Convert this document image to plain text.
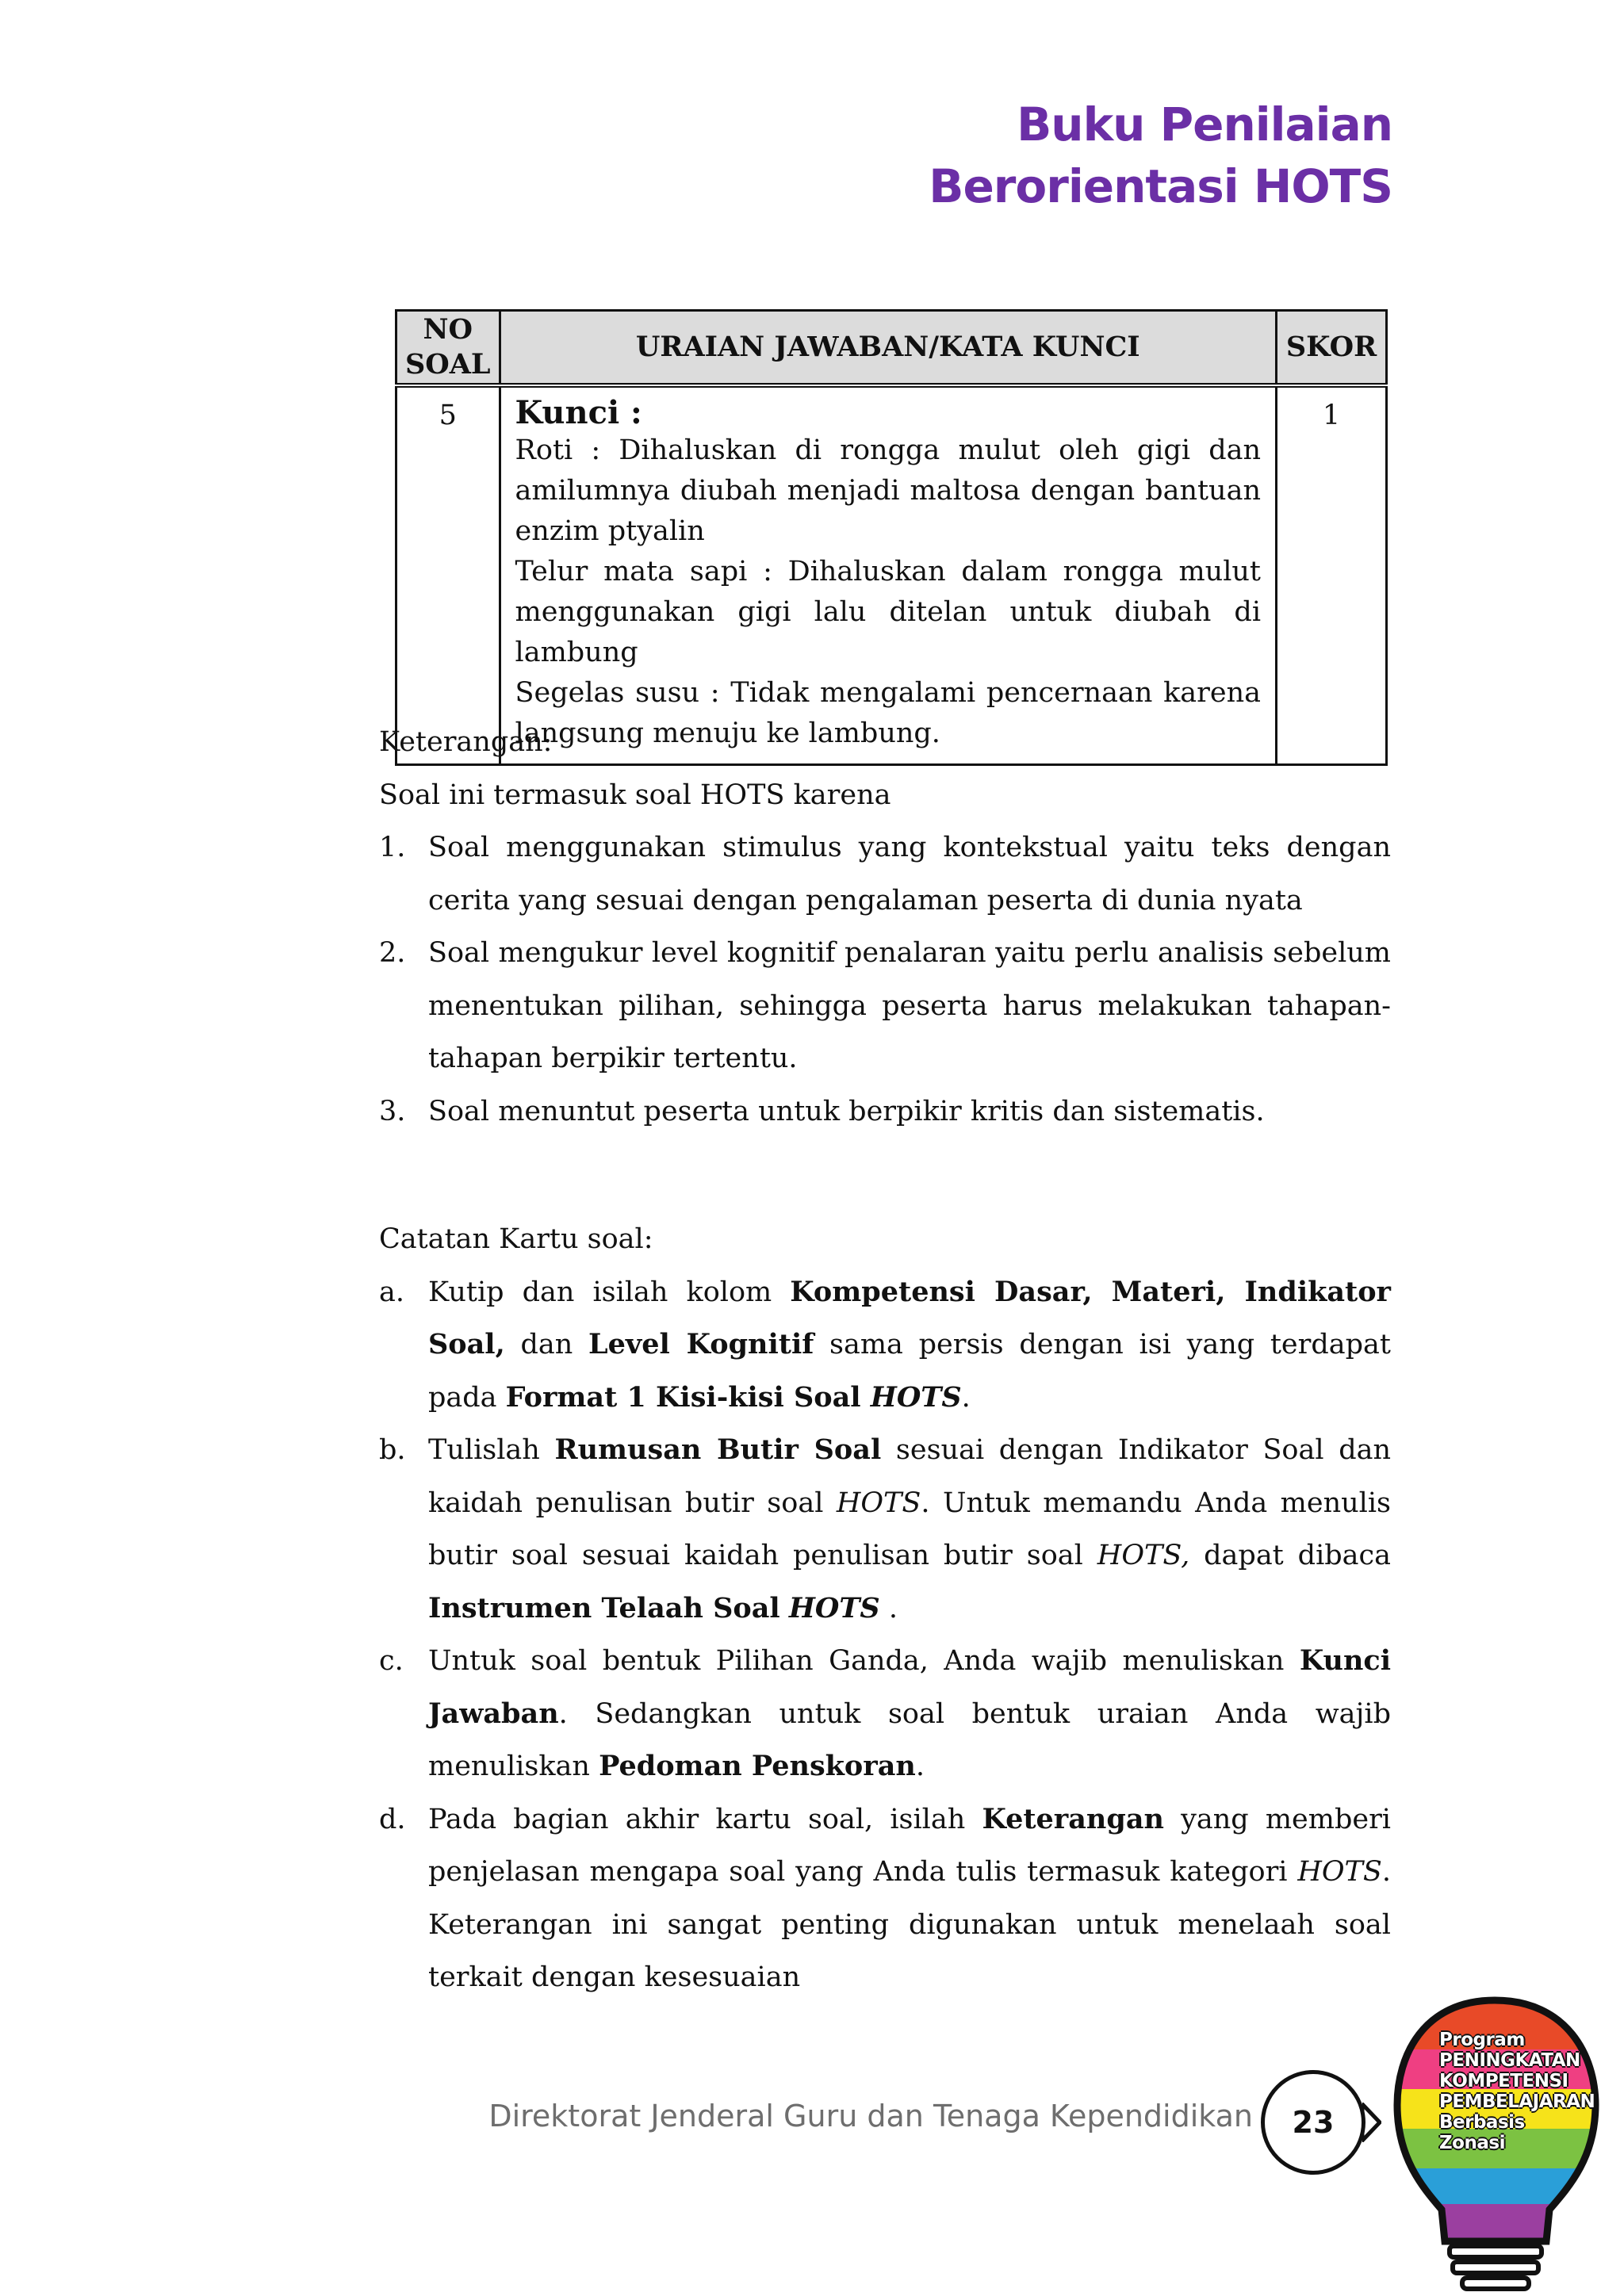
Buku Penilaian
Berorientasi HOTS
NO
SOAL	URAIAN JAWABAN/KATA KUNCI	SKOR
5	Kunci :

Roti : Dihaluskan di rongga mulut oleh gigi dan amilumnya diubah menjadi maltosa dengan bantuan enzim ptyalin

Telur mata sapi : Dihaluskan dalam rongga mulut menggunakan gigi lalu ditelan untuk diubah di lambung

Segelas susu : Tidak mengalami pencernaan karena langsung menuju ke lambung.	1

Keterangan:

Soal ini termasuk soal HOTS karena

1. Soal menggunakan stimulus yang kontekstual yaitu teks dengan cerita yang sesuai dengan pengalaman peserta di dunia nyata
2. Soal mengukur level kognitif penalaran yaitu perlu analisis sebelum menentukan pilihan, sehingga peserta harus melakukan tahapan-tahapan berpikir tertentu.
3. Soal menuntut peserta untuk berpikir kritis dan sistematis.

Catatan Kartu soal:

a. Kutip dan isilah kolom Kompetensi Dasar, Materi, Indikator Soal, dan Level Kognitif sama persis dengan isi yang terdapat pada Format 1 Kisi-kisi Soal HOTS.
b. Tulislah Rumusan Butir Soal sesuai dengan Indikator Soal dan kaidah penulisan butir soal HOTS. Untuk memandu Anda menulis butir soal sesuai kaidah penulisan butir soal HOTS, dapat dibaca Instrumen Telaah Soal HOTS .
c. Untuk soal bentuk Pilihan Ganda, Anda wajib menuliskan Kunci Jawaban. Sedangkan untuk soal bentuk uraian Anda wajib menuliskan Pedoman Penskoran.
d. Pada bagian akhir kartu soal, isilah Keterangan yang memberi penjelasan mengapa soal yang Anda tulis termasuk kategori HOTS. Keterangan ini sangat penting digunakan untuk menelaah soal terkait dengan kesesuaian
Direktorat Jenderal Guru dan Tenaga Kependidikan	23
Program
PENINGKATAN
KOMPETENSI
PEMBELAJARAN
Berbasis
Zonasi
